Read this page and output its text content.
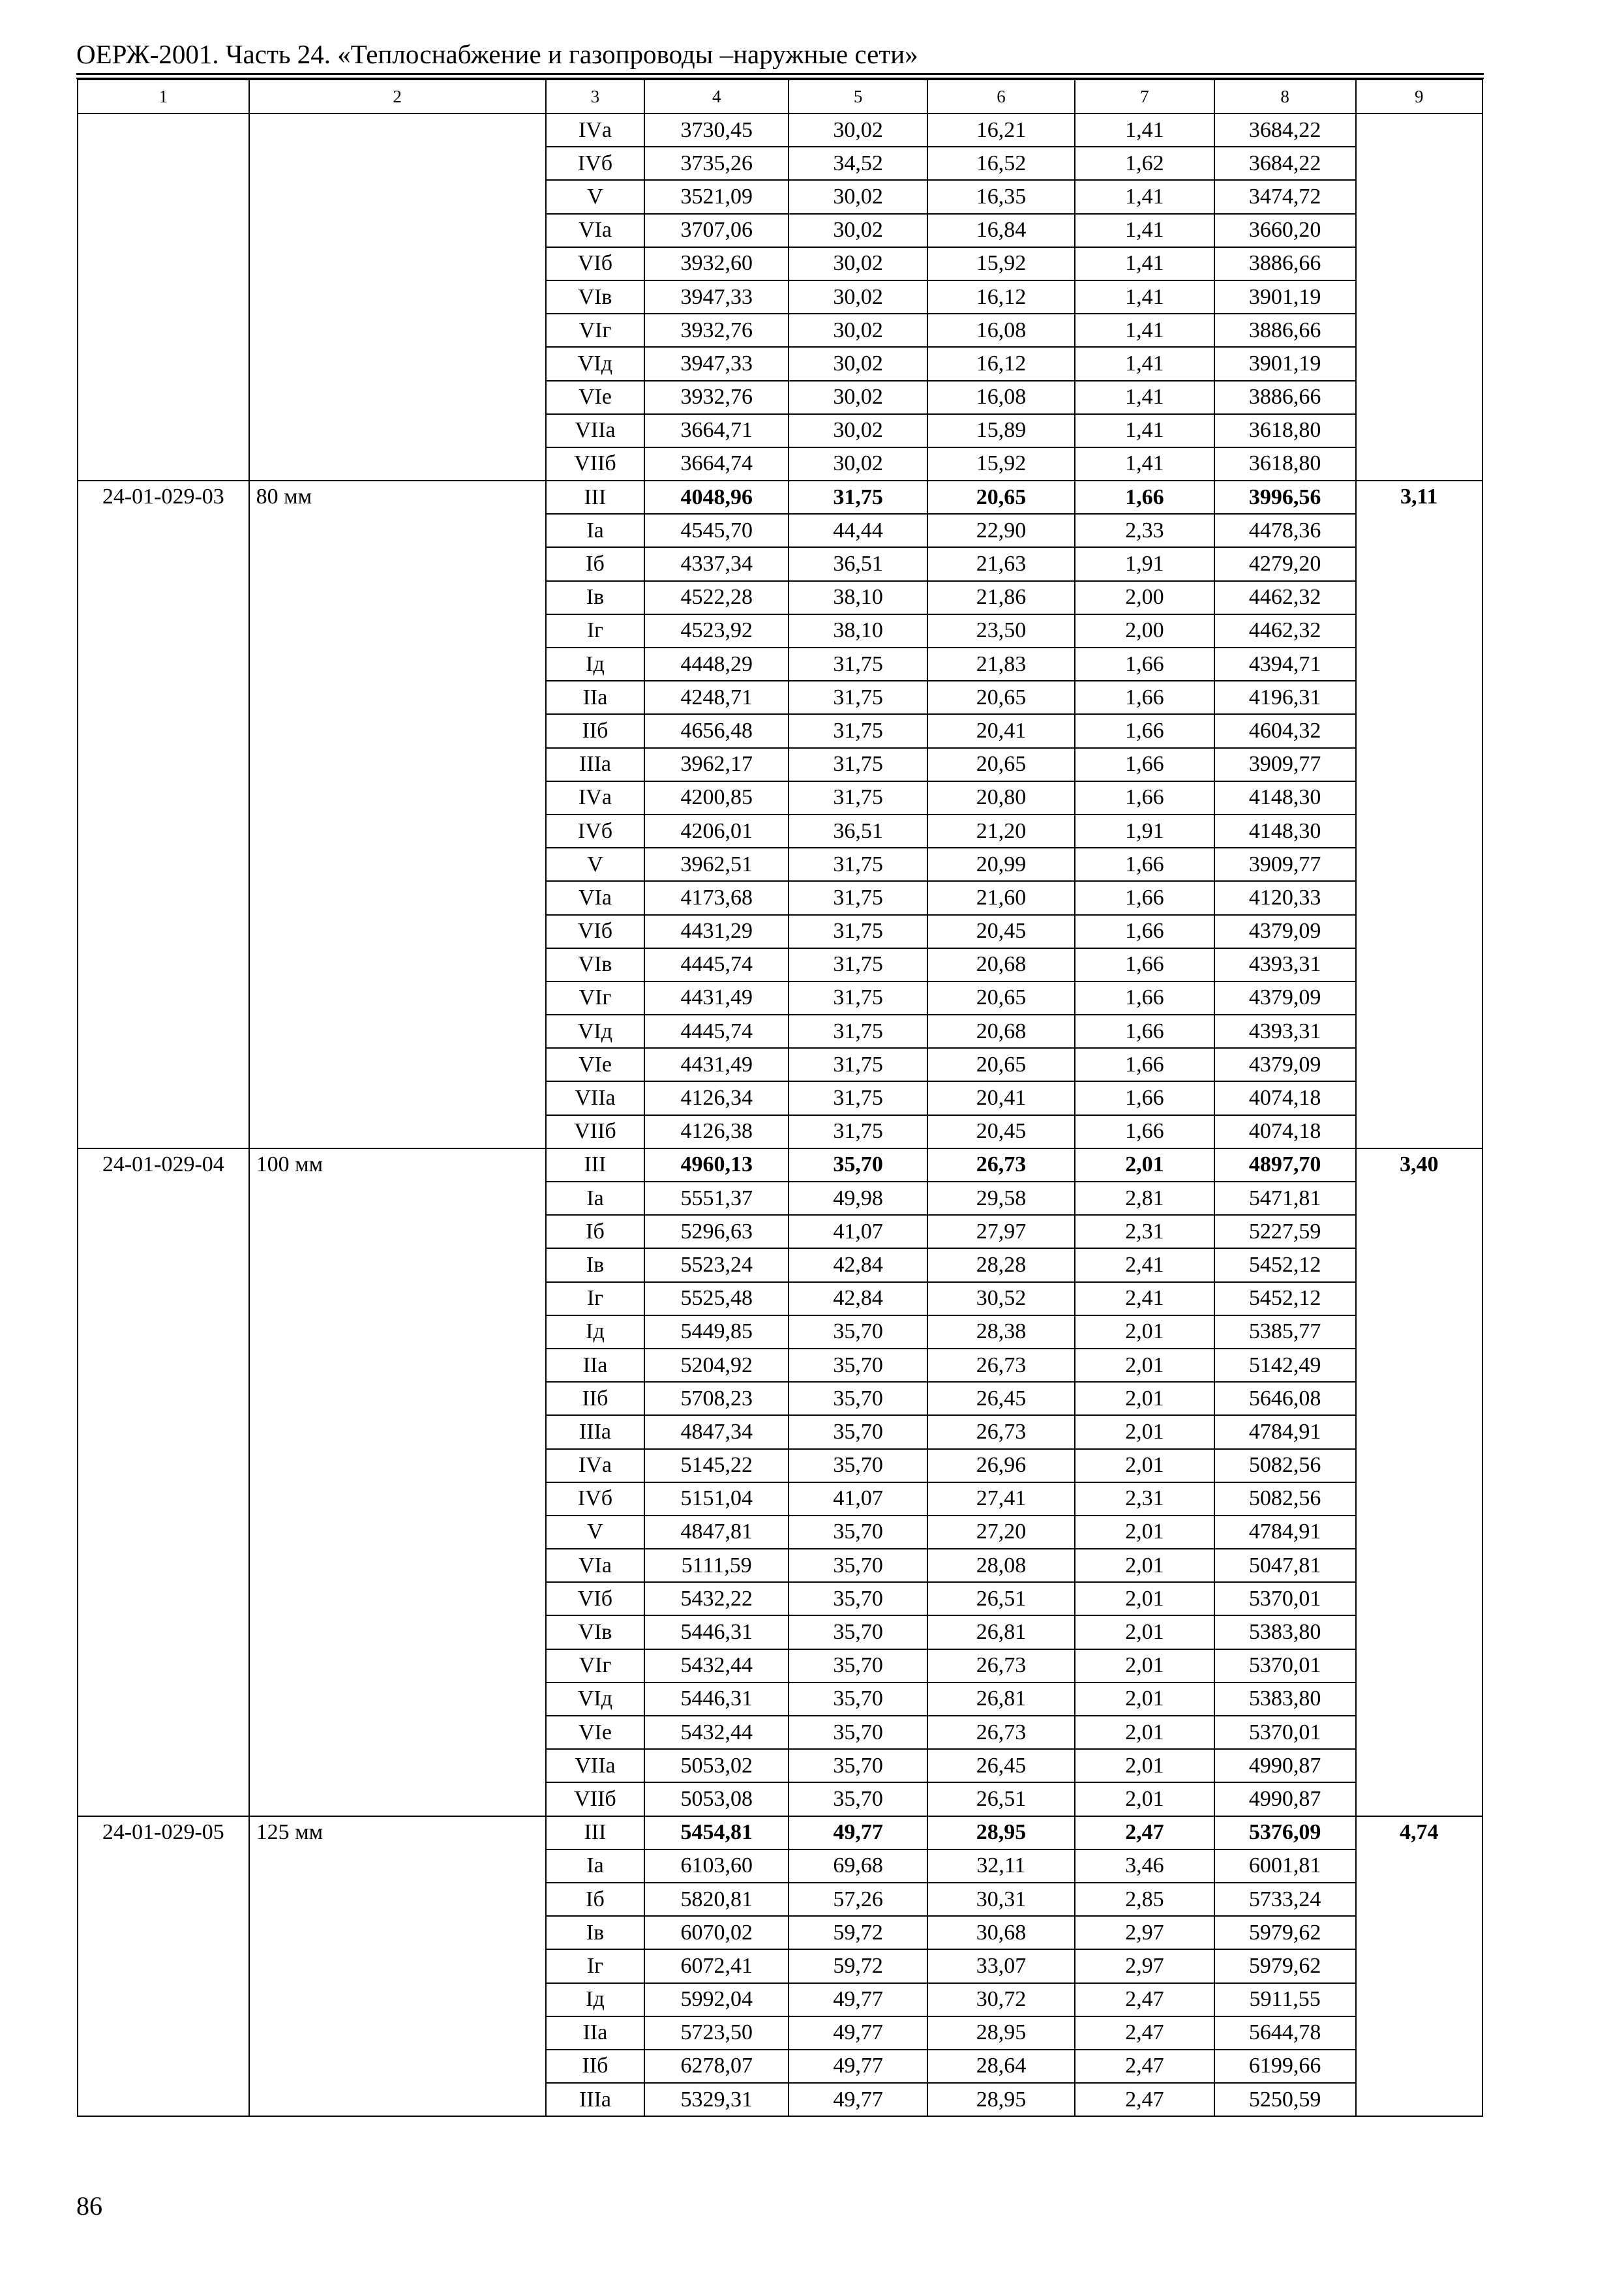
ОЕРЖ-2001. Часть 24. «Теплоснабжение и газопроводы –наружные сети»
1	2	3	4	5	6	7	8	9
		IVа	3730,45	30,02	16,21	1,41	3684,22	
		IVб	3735,26	34,52	16,52	1,62	3684,22	
		V	3521,09	30,02	16,35	1,41	3474,72	
		VIа	3707,06	30,02	16,84	1,41	3660,20	
		VIб	3932,60	30,02	15,92	1,41	3886,66	
		VIв	3947,33	30,02	16,12	1,41	3901,19	
		VIг	3932,76	30,02	16,08	1,41	3886,66	
		VIд	3947,33	30,02	16,12	1,41	3901,19	
		VIе	3932,76	30,02	16,08	1,41	3886,66	
		VIIа	3664,71	30,02	15,89	1,41	3618,80	
		VIIб	3664,74	30,02	15,92	1,41	3618,80	
24-01-029-03	80 мм	III	4048,96	31,75	20,65	1,66	3996,56	3,11
		Iа	4545,70	44,44	22,90	2,33	4478,36	
		Iб	4337,34	36,51	21,63	1,91	4279,20	
		Iв	4522,28	38,10	21,86	2,00	4462,32	
		Iг	4523,92	38,10	23,50	2,00	4462,32	
		Iд	4448,29	31,75	21,83	1,66	4394,71	
		IIа	4248,71	31,75	20,65	1,66	4196,31	
		IIб	4656,48	31,75	20,41	1,66	4604,32	
		IIIа	3962,17	31,75	20,65	1,66	3909,77	
		IVа	4200,85	31,75	20,80	1,66	4148,30	
		IVб	4206,01	36,51	21,20	1,91	4148,30	
		V	3962,51	31,75	20,99	1,66	3909,77	
		VIа	4173,68	31,75	21,60	1,66	4120,33	
		VIб	4431,29	31,75	20,45	1,66	4379,09	
		VIв	4445,74	31,75	20,68	1,66	4393,31	
		VIг	4431,49	31,75	20,65	1,66	4379,09	
		VIд	4445,74	31,75	20,68	1,66	4393,31	
		VIе	4431,49	31,75	20,65	1,66	4379,09	
		VIIа	4126,34	31,75	20,41	1,66	4074,18	
		VIIб	4126,38	31,75	20,45	1,66	4074,18	
24-01-029-04	100 мм	III	4960,13	35,70	26,73	2,01	4897,70	3,40
		Iа	5551,37	49,98	29,58	2,81	5471,81	
		Iб	5296,63	41,07	27,97	2,31	5227,59	
		Iв	5523,24	42,84	28,28	2,41	5452,12	
		Iг	5525,48	42,84	30,52	2,41	5452,12	
		Iд	5449,85	35,70	28,38	2,01	5385,77	
		IIа	5204,92	35,70	26,73	2,01	5142,49	
		IIб	5708,23	35,70	26,45	2,01	5646,08	
		IIIа	4847,34	35,70	26,73	2,01	4784,91	
		IVа	5145,22	35,70	26,96	2,01	5082,56	
		IVб	5151,04	41,07	27,41	2,31	5082,56	
		V	4847,81	35,70	27,20	2,01	4784,91	
		VIа	5111,59	35,70	28,08	2,01	5047,81	
		VIб	5432,22	35,70	26,51	2,01	5370,01	
		VIв	5446,31	35,70	26,81	2,01	5383,80	
		VIг	5432,44	35,70	26,73	2,01	5370,01	
		VIд	5446,31	35,70	26,81	2,01	5383,80	
		VIе	5432,44	35,70	26,73	2,01	5370,01	
		VIIа	5053,02	35,70	26,45	2,01	4990,87	
		VIIб	5053,08	35,70	26,51	2,01	4990,87	
24-01-029-05	125 мм	III	5454,81	49,77	28,95	2,47	5376,09	4,74
		Iа	6103,60	69,68	32,11	3,46	6001,81	
		Iб	5820,81	57,26	30,31	2,85	5733,24	
		Iв	6070,02	59,72	30,68	2,97	5979,62	
		Iг	6072,41	59,72	33,07	2,97	5979,62	
		Iд	5992,04	49,77	30,72	2,47	5911,55	
		IIа	5723,50	49,77	28,95	2,47	5644,78	
		IIб	6278,07	49,77	28,64	2,47	6199,66	
		IIIа	5329,31	49,77	28,95	2,47	5250,59	
86
